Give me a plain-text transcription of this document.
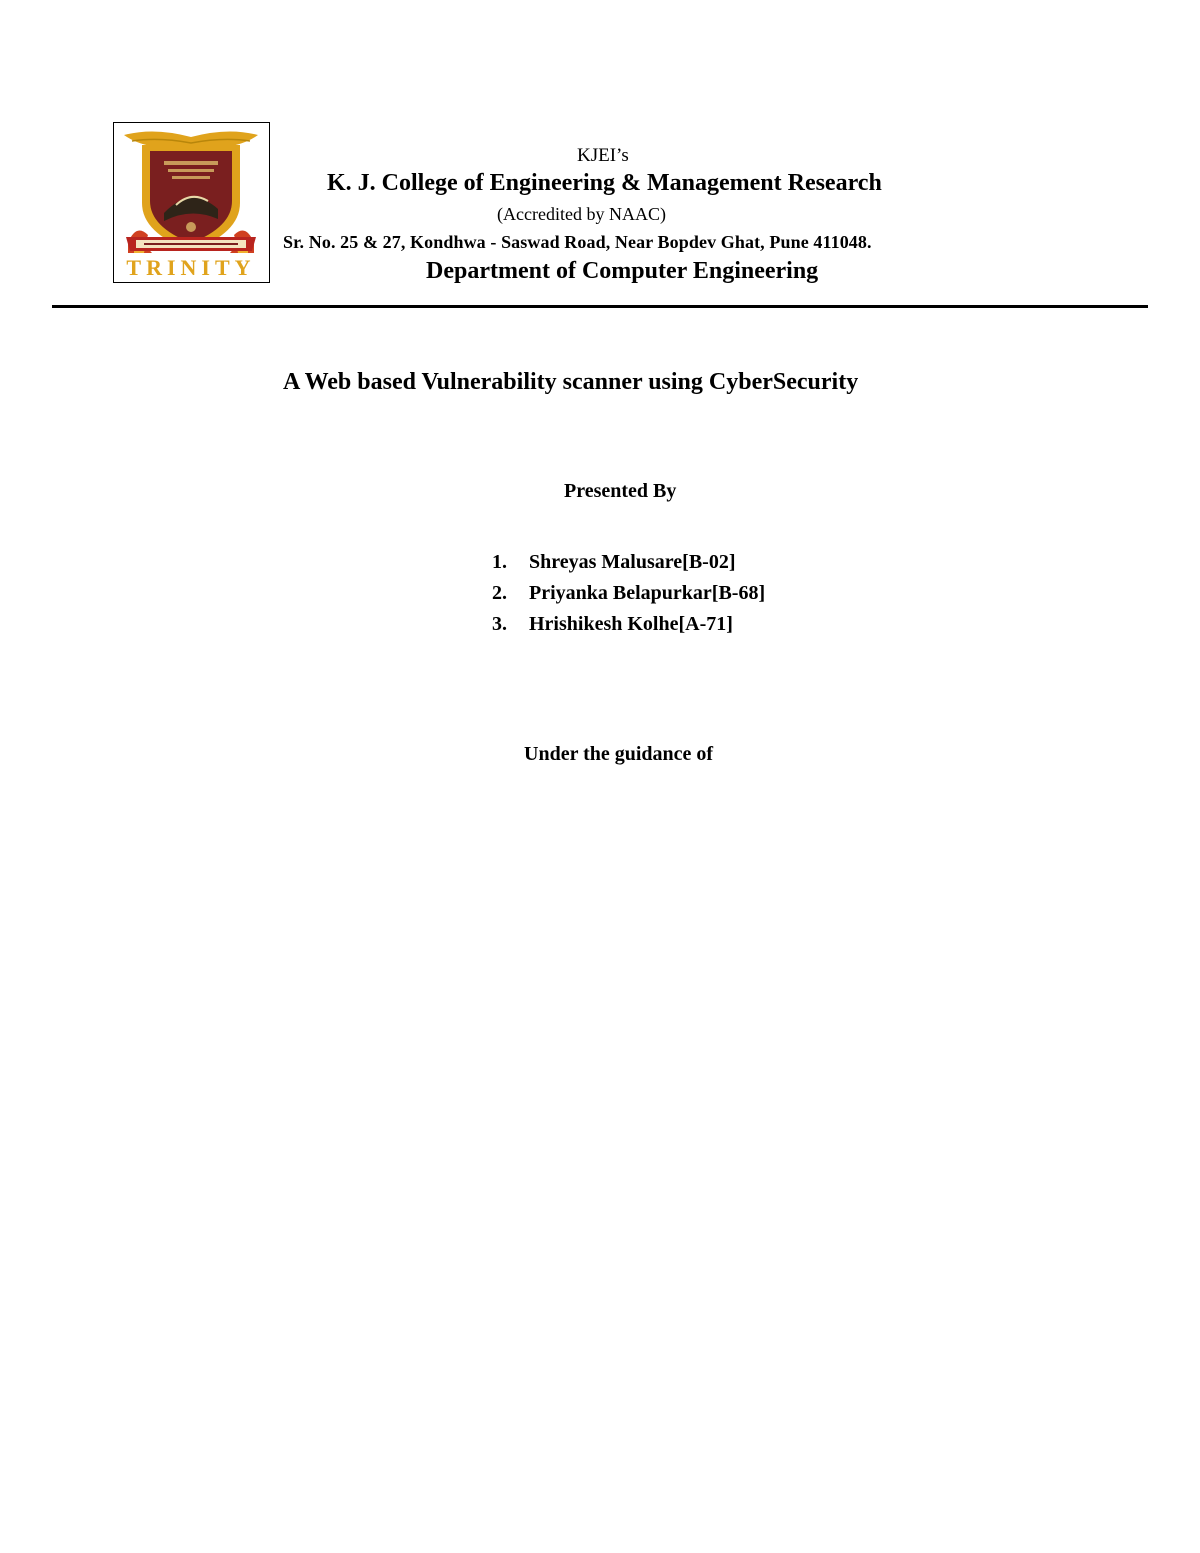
TRINITY
KJEI’s
K. J. College of Engineering & Management Research
(Accredited by NAAC)
Sr. No. 25 & 27, Kondhwa - Saswad Road, Near Bopdev Ghat, Pune 411048.
Department of Computer Engineering
A Web based Vulnerability scanner using CyberSecurity
Presented By
1. Shreyas Malusare[B-02]
2. Priyanka Belapurkar[B-68]
3. Hrishikesh Kolhe[A-71]
Under the guidance of
